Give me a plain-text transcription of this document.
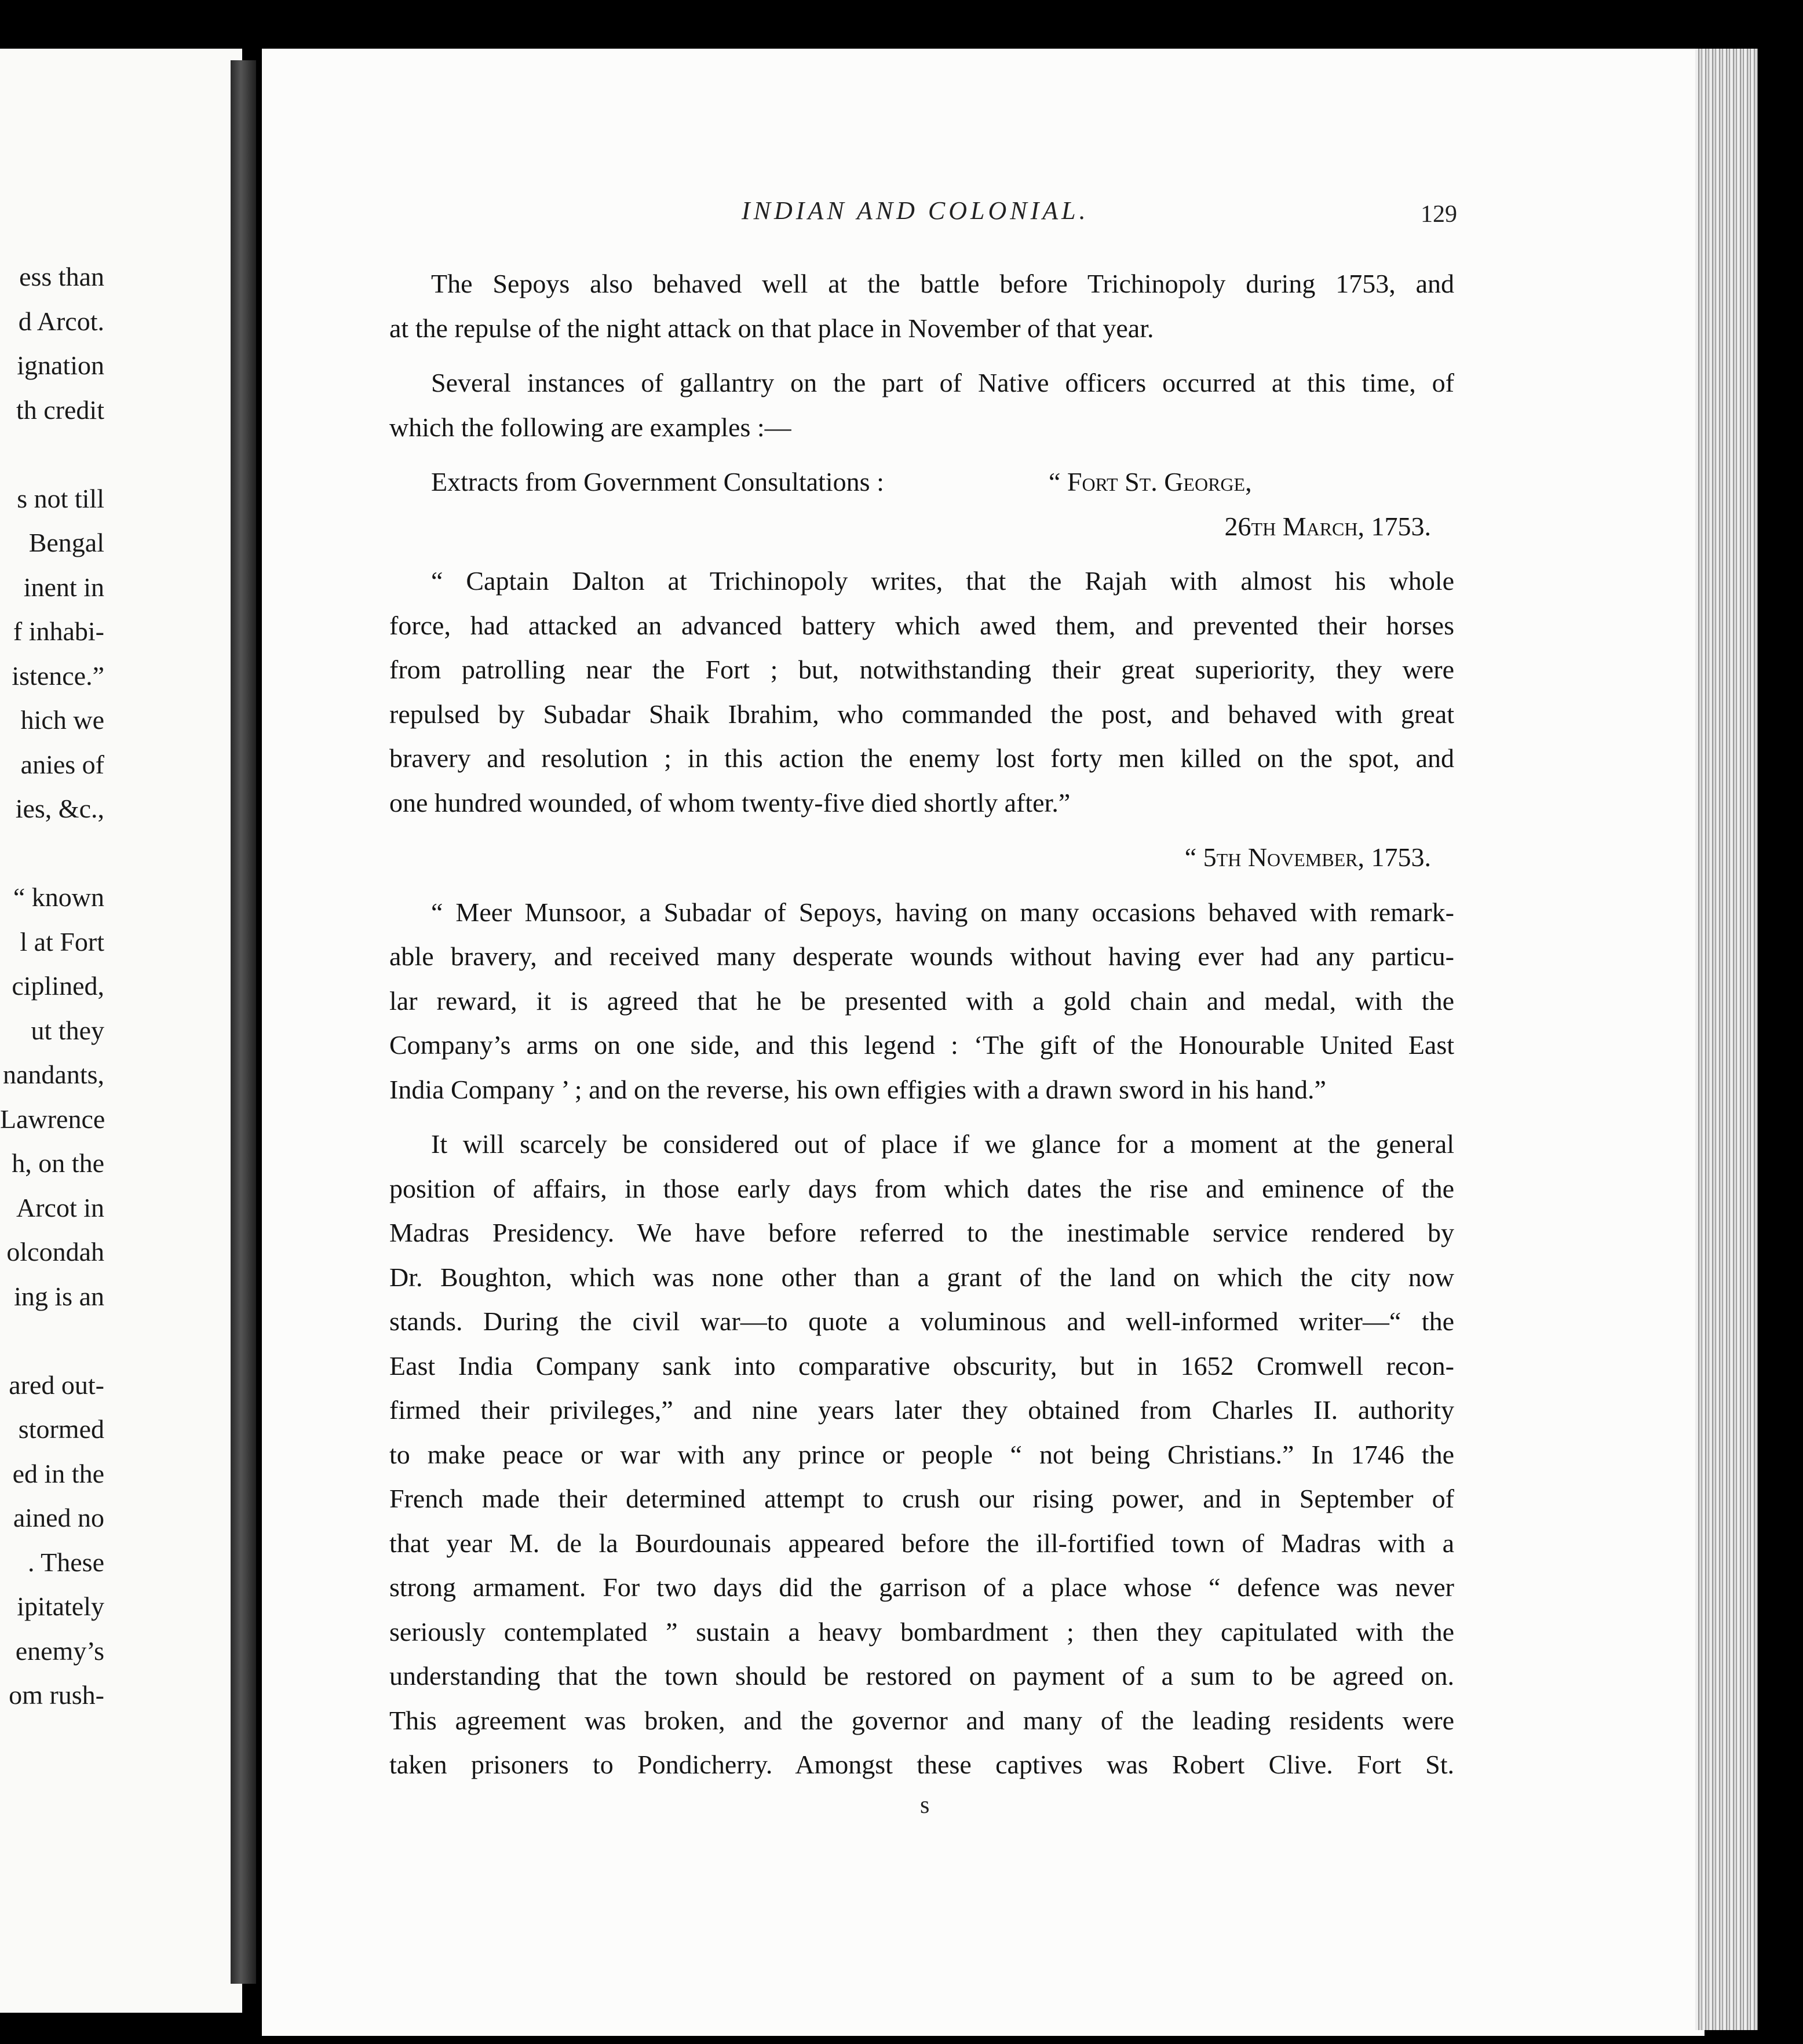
ess than
d Arcot.
ignation
th credit
s not till
Bengal
inent in
f inhabi-
istence.”
hich we
anies of
ies, &c.,
“ known
l at Fort
ciplined,
ut they
nandants,
Lawrence
h, on the
Arcot in
olcondah
ing is an
ared out-
stormed
ed in the
ained no
. These
ipitately
enemy’s
om rush-
INDIAN AND COLONIAL.	129

The Sepoys also behaved well at the battle before Trichinopoly during 1753, and

at the repulse of the night attack on that place in November of that year.

Several instances of gallantry on the part of Native officers occurred at this time, of

which the following are examples :—

Extracts from Government Consultations :	“ Fort St. George,
26th March, 1753.

“ Captain Dalton at Trichinopoly writes, that the Rajah with almost his whole

force, had attacked an advanced battery which awed them, and prevented their horses

from patrolling near the Fort ; but, notwithstanding their great superiority, they were

repulsed by Subadar Shaik Ibrahim, who commanded the post, and behaved with great

bravery and resolution ; in this action the enemy lost forty men killed on the spot, and

one hundred wounded, of whom twenty-five died shortly after.”

“ 5th November, 1753.

“ Meer Munsoor, a Subadar of Sepoys, having on many occasions behaved with remark-

able bravery, and received many desperate wounds without having ever had any particu-

lar reward, it is agreed that he be presented with a gold chain and medal, with the

Company’s arms on one side, and this legend : ‘The gift of the Honourable United East

India Company ’ ; and on the reverse, his own effigies with a drawn sword in his hand.”

It will scarcely be considered out of place if we glance for a moment at the general

position of affairs, in those early days from which dates the rise and eminence of the

Madras Presidency. We have before referred to the inestimable service rendered by

Dr. Boughton, which was none other than a grant of the land on which the city now

stands. During the civil war—to quote a voluminous and well-informed writer—“ the

East India Company sank into comparative obscurity, but in 1652 Cromwell recon-

firmed their privileges,” and nine years later they obtained from Charles II. authority

to make peace or war with any prince or people “ not being Christians.” In 1746 the

French made their determined attempt to crush our rising power, and in September of

that year M. de la Bourdounais appeared before the ill-fortified town of Madras with a

strong armament. For two days did the garrison of a place whose “ defence was never

seriously contemplated ” sustain a heavy bombardment ; then they capitulated with the

understanding that the town should be restored on payment of a sum to be agreed on.

This agreement was broken, and the governor and many of the leading residents were

taken prisoners to Pondicherry. Amongst these captives was Robert Clive. Fort St.

s
